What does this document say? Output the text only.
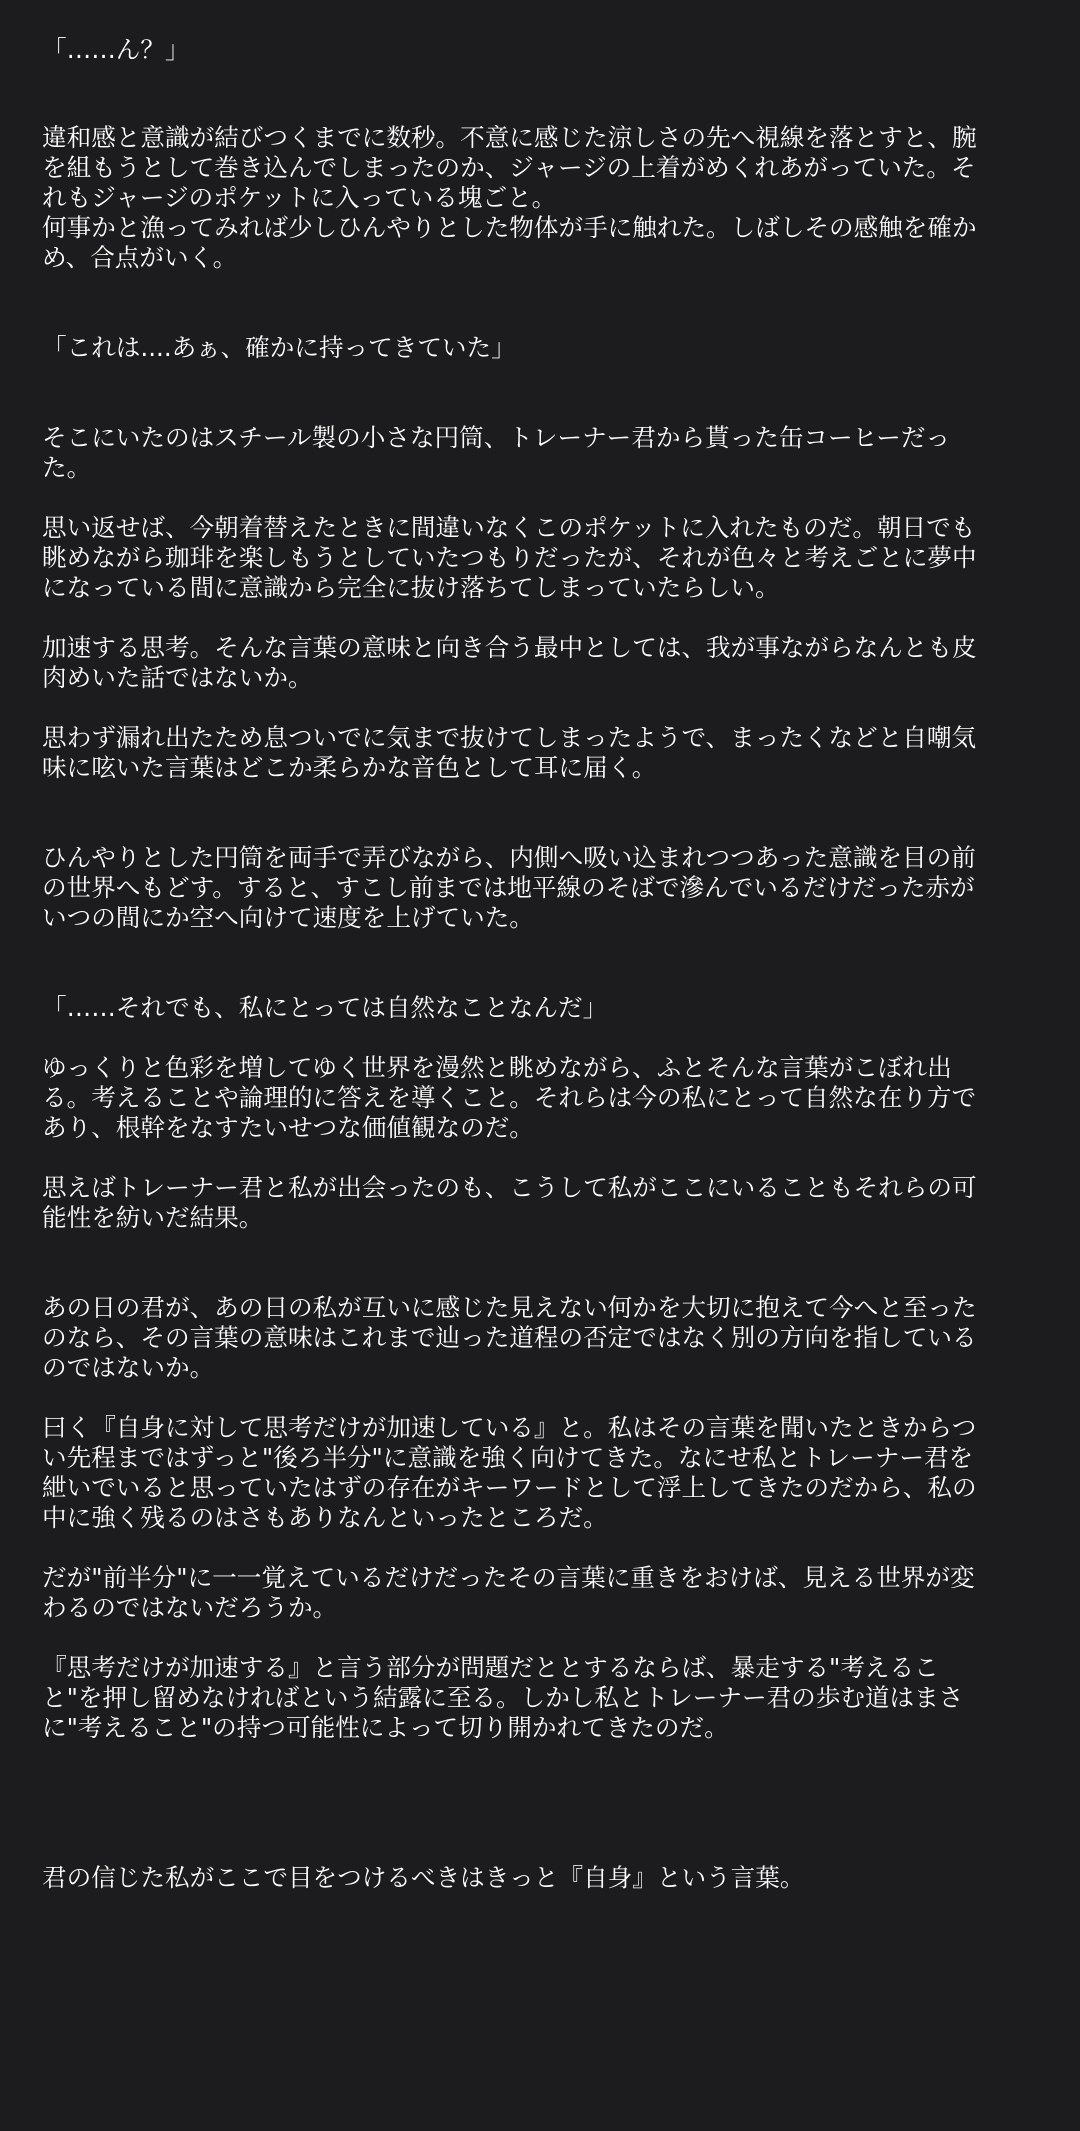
「……ん？」
違和感と意識が結びつくまでに数秒。不意に感じた涼しさの先へ視線を落とすと、腕
を組もうとして巻き込んでしまったのか、ジャージの上着がめくれあがっていた。そ
れもジャージのポケットに入っている塊ごと。
何事かと漁ってみれば少しひんやりとした物体が手に触れた。しばしその感触を確か
め、合点がいく。
「これは....あぁ、確かに持ってきていた」
そこにいたのはスチール製の小さな円筒、トレーナー君から貰った缶コーヒーだっ
た。
思い返せば、今朝着替えたときに間違いなくこのポケットに入れたものだ。朝日でも
眺めながら珈琲を楽しもうとしていたつもりだったが、それが色々と考えごとに夢中
になっている間に意識から完全に抜け落ちてしまっていたらしい。
加速する思考。そんな言葉の意味と向き合う最中としては、我が事ながらなんとも皮
肉めいた話ではないか。
思わず漏れ出たため息ついでに気まで抜けてしまったようで、まったくなどと自嘲気
味に呟いた言葉はどこか柔らかな音色として耳に届く。
ひんやりとした円筒を両手で弄びながら、内側へ吸い込まれつつあった意識を目の前
の世界へもどす。すると、すこし前までは地平線のそばで滲んでいるだけだった赤が
いつの間にか空へ向けて速度を上げていた。
「……それでも、私にとっては自然なことなんだ」
ゆっくりと色彩を増してゆく世界を漫然と眺めながら、ふとそんな言葉がこぼれ出
る。考えることや論理的に答えを導くこと。それらは今の私にとって自然な在り方で
あり、根幹をなすたいせつな価値観なのだ。
思えばトレーナー君と私が出会ったのも、こうして私がここにいることもそれらの可
能性を紡いだ結果。
あの日の君が、あの日の私が互いに感じた見えない何かを大切に抱えて今へと至った
のなら、その言葉の意味はこれまで辿った道程の否定ではなく別の方向を指している
のではないか。
曰く『自身に対して思考だけが加速している』と。私はその言葉を聞いたときからつ
い先程まではずっと"後ろ半分"に意識を強く向けてきた。なにせ私とトレーナー君を
紲いでいると思っていたはずの存在がキーワードとして浮上してきたのだから、私の
中に強く残るのはさもありなんといったところだ。
だが"前半分"に一一覚えているだけだったその言葉に重きをおけば、見える世界が変
わるのではないだろうか。
『思考だけが加速する』と言う部分が問題だととするならば、暴走する"考えるこ
と"を押し留めなければという結露に至る。しかし私とトレーナー君の歩む道はまさ
に"考えること"の持つ可能性によって切り開かれてきたのだ。
君の信じた私がここで目をつけるべきはきっと『自身』という言葉。
